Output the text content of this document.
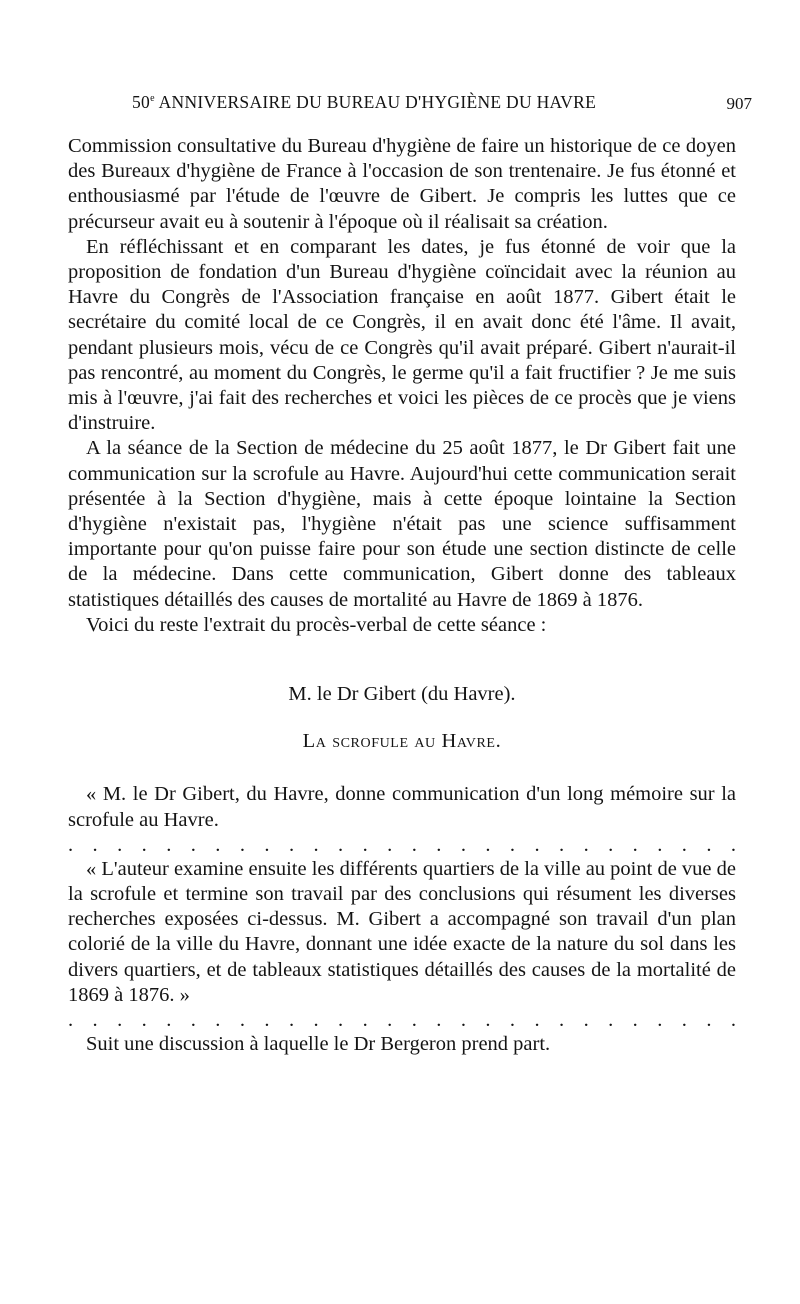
50e ANNIVERSAIRE DU BUREAU D'HYGIÈNE DU HAVRE	907

Commission consultative du Bureau d'hygiène de faire un historique de ce doyen des Bureaux d'hygiène de France à l'occasion de son trentenaire. Je fus étonné et enthousiasmé par l'étude de l'œuvre de Gibert. Je compris les luttes que ce précurseur avait eu à soutenir à l'époque où il réalisait sa création.

En réfléchissant et en comparant les dates, je fus étonné de voir que la proposition de fondation d'un Bureau d'hygiène coïncidait avec la réunion au Havre du Congrès de l'Association française en août 1877. Gibert était le secrétaire du comité local de ce Congrès, il en avait donc été l'âme. Il avait, pendant plusieurs mois, vécu de ce Congrès qu'il avait préparé. Gibert n'aurait-il pas rencontré, au moment du Congrès, le germe qu'il a fait fructifier ? Je me suis mis à l'œuvre, j'ai fait des recherches et voici les pièces de ce procès que je viens d'instruire.

A la séance de la Section de médecine du 25 août 1877, le Dr Gibert fait une communication sur la scrofule au Havre. Aujourd'hui cette communication serait présentée à la Section d'hygiène, mais à cette époque lointaine la Section d'hygiène n'existait pas, l'hygiène n'était pas une science suffisamment importante pour qu'on puisse faire pour son étude une section distincte de celle de la médecine. Dans cette communication, Gibert donne des tableaux statistiques détaillés des causes de mortalité au Havre de 1869 à 1876.

Voici du reste l'extrait du procès-verbal de cette séance :

M. le Dr Gibert (du Havre).

La scrofule au Havre.

« M. le Dr Gibert, du Havre, donne communication d'un long mémoire sur la scrofule au Havre.

. . . . . . . . . . . . . . . . . . . . . . . . . . . .

« L'auteur examine ensuite les différents quartiers de la ville au point de vue de la scrofule et termine son travail par des conclusions qui résument les diverses recherches exposées ci-dessus. M. Gibert a accompagné son travail d'un plan colorié de la ville du Havre, donnant une idée exacte de la nature du sol dans les divers quartiers, et de tableaux statistiques détaillés des causes de la mortalité de 1869 à 1876. »

. . . . . . . . . . . . . . . . . . . . . . . . . . . .

Suit une discussion à laquelle le Dr Bergeron prend part.
